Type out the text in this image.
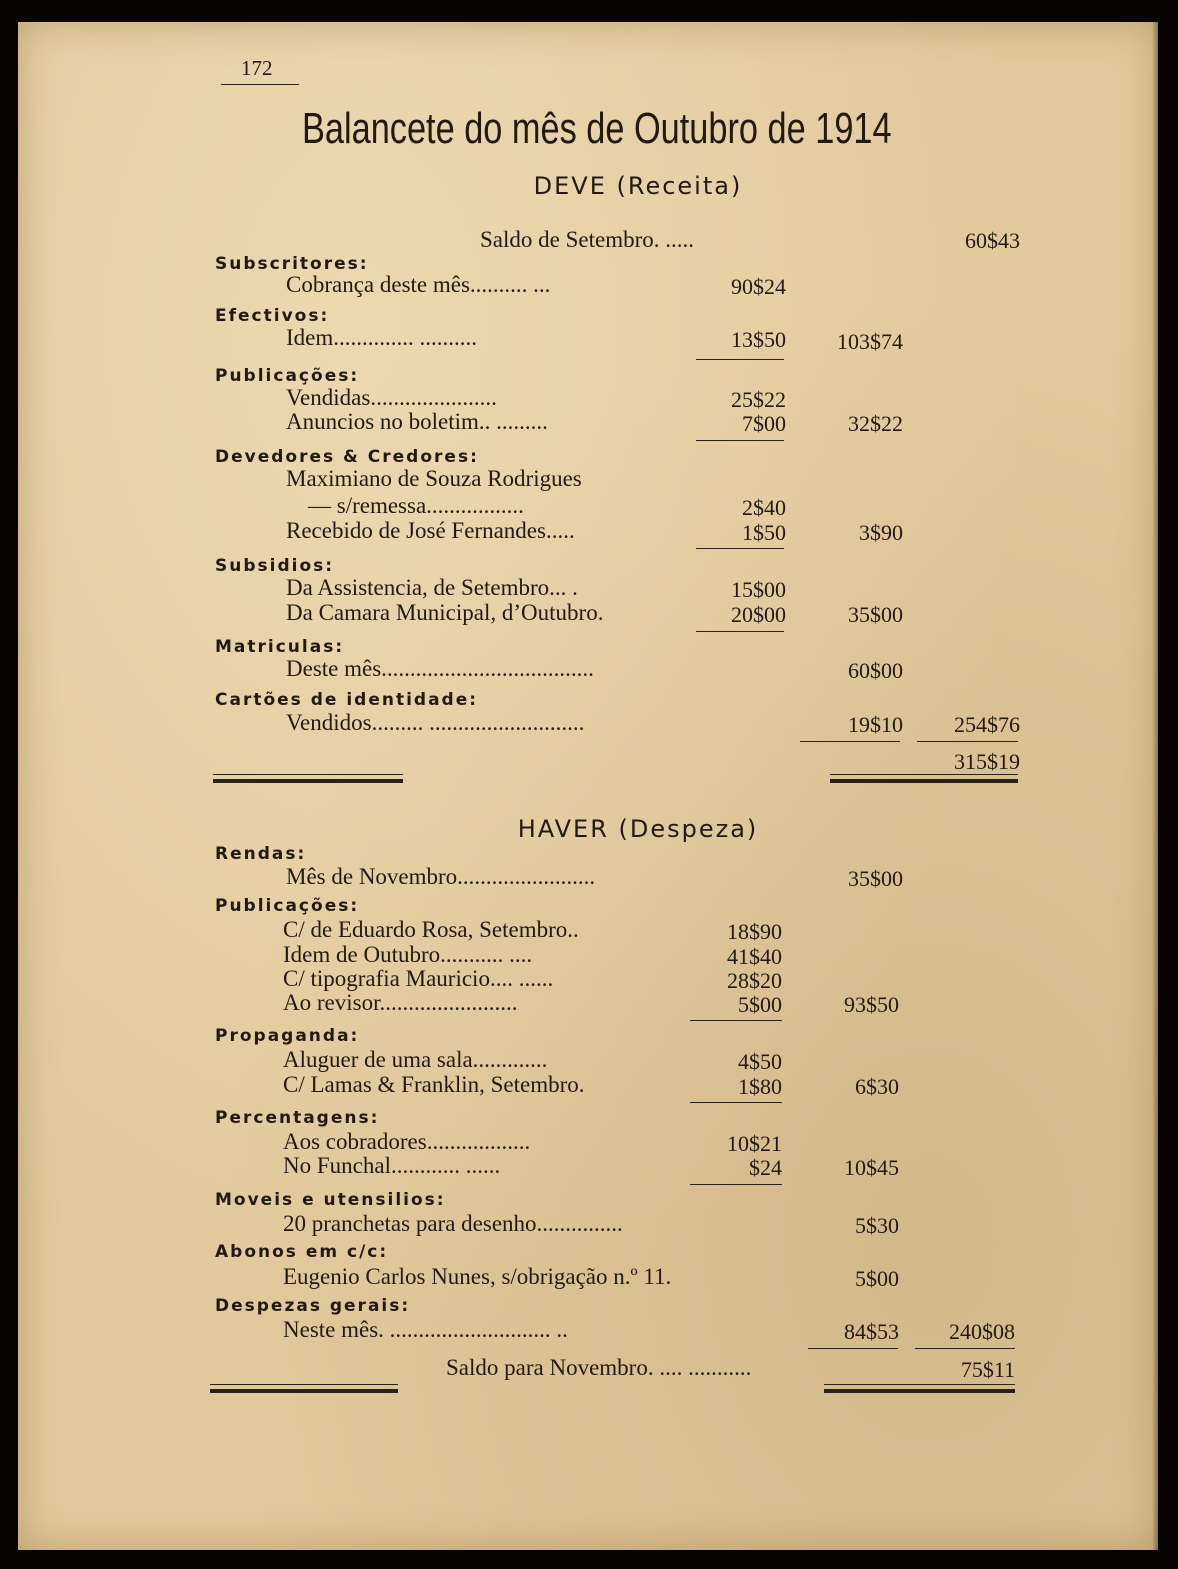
172
Balancete do mês de Outubro de 1914
DEVE (Receita)
Saldo de Setembro. .....	60$43
Subscritores:
Cobrança deste mês.......... ...	90$24
Efectivos:
Idem.............. ..........	13$50	103$74
Publicações:
Vendidas......................	25$22
Anuncios no boletim.. .........	7$00	32$22
Devedores & Credores:
Maximiano de Souza Rodrigues
— s/remessa.................	2$40
Recebido de José Fernandes.....	1$50	3$90
Subsidios:
Da Assistencia, de Setembro... .	15$00
Da Camara Municipal, d’Outubro.	20$00	35$00
Matriculas:
Deste mês.....................................	60$00
Cartões de identidade:
Vendidos......... ...........................	19$10	254$76
315$19
HAVER (Despeza)
Rendas:
Mês de Novembro........................	35$00
Publicações:
C/ de Eduardo Rosa, Setembro..	18$90
Idem de Outubro........... ....	41$40
C/ tipografia Mauricio.... ......	28$20
Ao revisor........................	5$00	93$50
Propaganda:
Aluguer de uma sala.............	4$50
C/ Lamas & Franklin, Setembro.	1$80	6$30
Percentagens:
Aos cobradores..................	10$21
No Funchal............ ......	$24	10$45
Moveis e utensilios:
20 pranchetas para desenho...............	5$30
Abonos em c/c:
Eugenio Carlos Nunes, s/obrigação n.º 11.	5$00
Despezas gerais:
Neste mês. ............................ ..	84$53	240$08
Saldo para Novembro. .... ...........	75$11
